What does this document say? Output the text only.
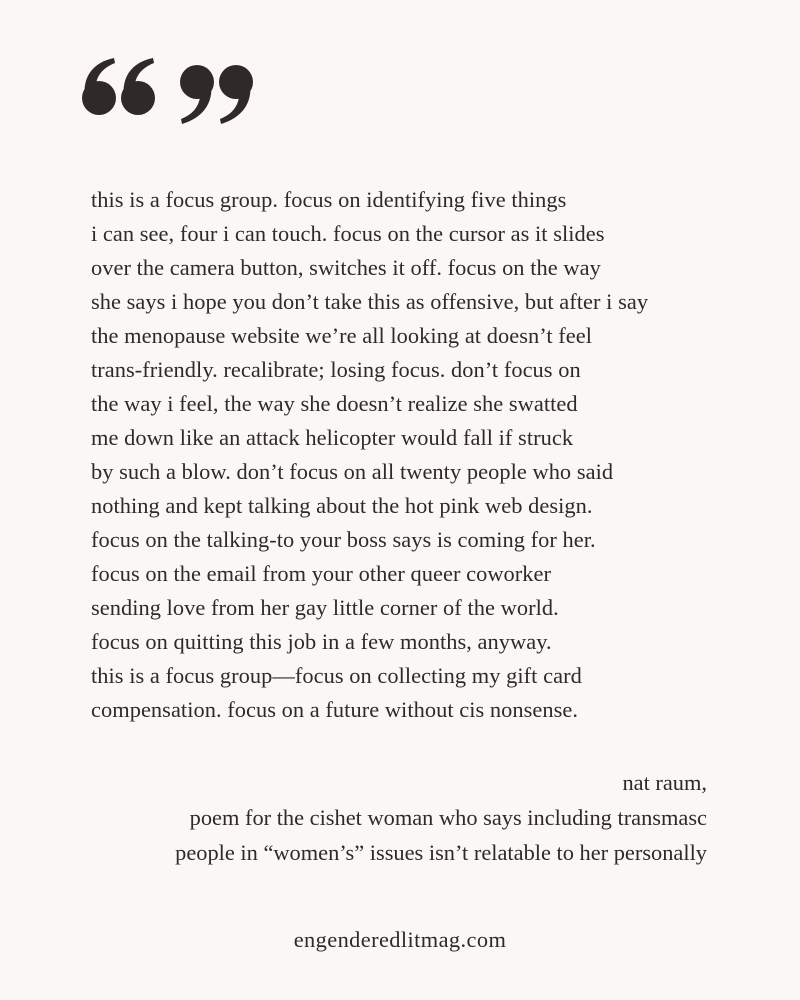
this is a focus group. focus on identifying five things
i can see, four i can touch. focus on the cursor as it slides
over the camera button, switches it off. focus on the way
she says i hope you don’t take this as offensive, but after i say
the menopause website we’re all looking at doesn’t feel
trans-friendly. recalibrate; losing focus. don’t focus on
the way i feel, the way she doesn’t realize she swatted
me down like an attack helicopter would fall if struck
by such a blow. don’t focus on all twenty people who said
nothing and kept talking about the hot pink web design.
focus on the talking-to your boss says is coming for her.
focus on the email from your other queer coworker
sending love from her gay little corner of the world.
focus on quitting this job in a few months, anyway.
this is a focus group—focus on collecting my gift card
compensation. focus on a future without cis nonsense.
nat raum,
poem for the cishet woman who says including transmasc
people in “women’s” issues isn’t relatable to her personally
engenderedlitmag.com
